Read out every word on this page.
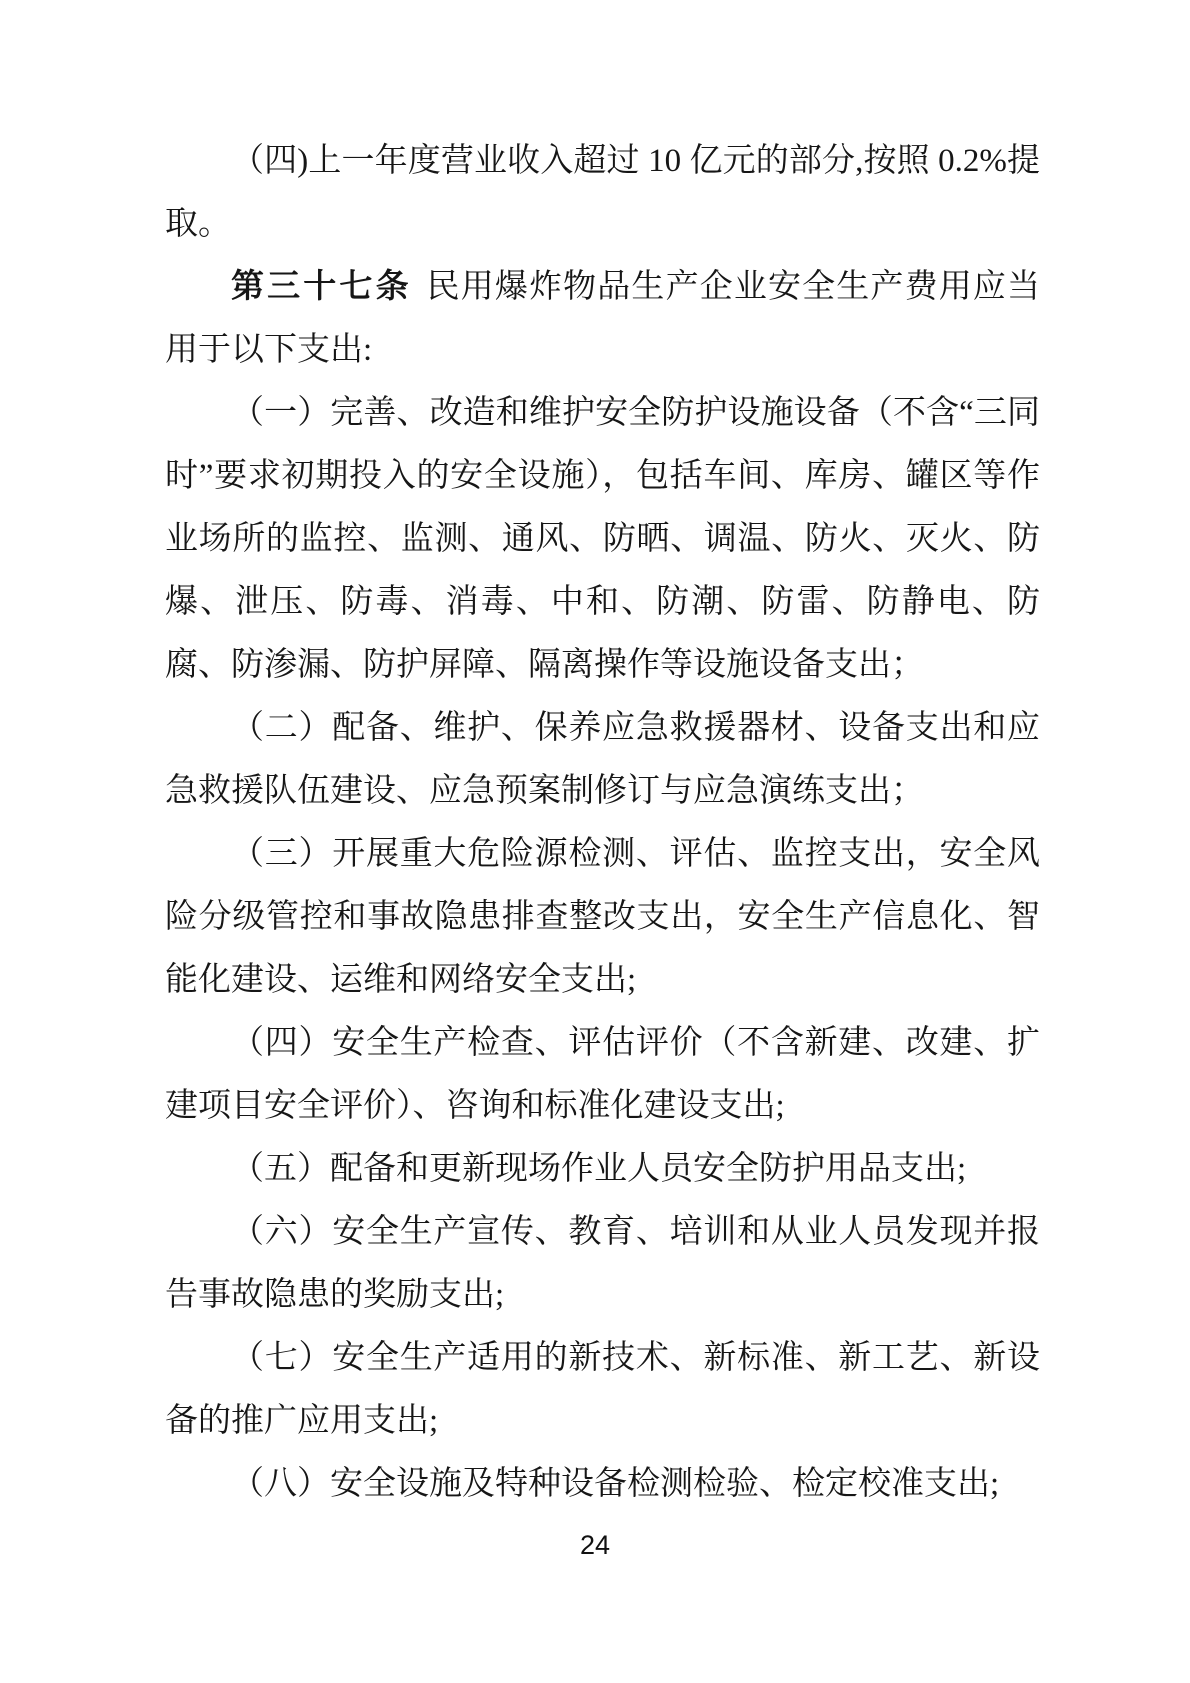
（四)上一年度营业收入超过 10 亿元的部分,按照 0.2%提取。

第三十七条 民用爆炸物品生产企业安全生产费用应当用于以下支出:

（一）完善、改造和维护安全防护设施设备（不含“三同时”要求初期投入的安全设施），包括车间、库房、罐区等作业场所的监控、监测、通风、防晒、调温、防火、灭火、防爆、泄压、防毒、消毒、中和、防潮、防雷、防静电、防腐、防渗漏、防护屏障、隔离操作等设施设备支出；

（二）配备、维护、保养应急救援器材、设备支出和应急救援队伍建设、应急预案制修订与应急演练支出；

（三）开展重大危险源检测、评估、监控支出，安全风险分级管控和事故隐患排查整改支出，安全生产信息化、智能化建设、运维和网络安全支出;

（四）安全生产检查、评估评价（不含新建、改建、扩建项目安全评价）、咨询和标准化建设支出;

（五）配备和更新现场作业人员安全防护用品支出;

（六）安全生产宣传、教育、培训和从业人员发现并报告事故隐患的奖励支出;

（七）安全生产适用的新技术、新标准、新工艺、新设备的推广应用支出;

（八）安全设施及特种设备检测检验、检定校准支出;

24
